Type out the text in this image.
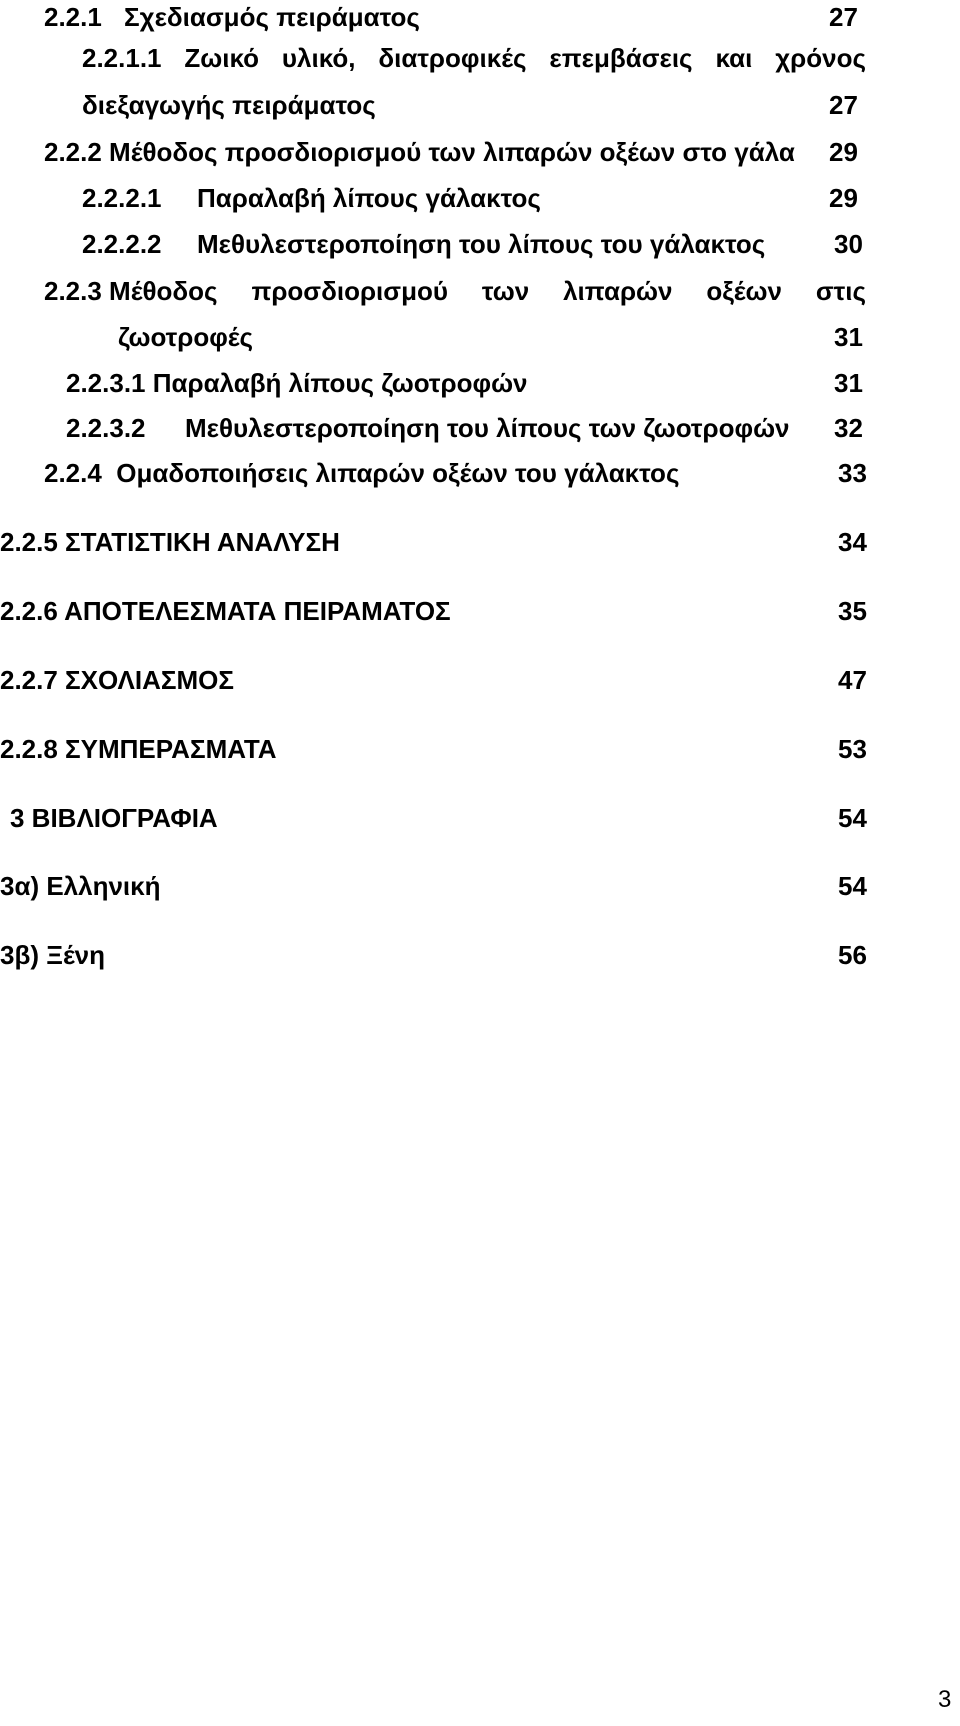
2.2.1 Σχεδιασμός πειράματος	27
2.2.1.1 Ζωικό υλικό, διατροφικές επεμβάσεις και χρόνος
διεξαγωγής πειράματος	27
2.2.2 Μέθοδος προσδιορισμού των λιπαρών οξέων στο γάλα 29
2.2.2.1 Παραλαβή λίπους γάλακτος	29
2.2.2.2 Μεθυλεστεροποίηση του λίπους του γάλακτος	30
2.2.3 Μέθοδος προσδιορισμού των λιπαρών οξέων στις
ζωοτροφές	31
2.2.3.1 Παραλαβή λίπους ζωοτροφών	31
2.2.3.2 Μεθυλεστεροποίηση του λίπους των ζωοτροφών 32
2.2.4  Ομαδοποιήσεις λιπαρών οξέων του γάλακτος	33
2.2.5 ΣΤΑΤΙΣΤΙΚΗ ΑΝΑΛΥΣΗ	34
2.2.6 ΑΠΟΤΕΛΕΣΜΑΤΑ ΠΕΙΡΑΜΑΤΟΣ	35
2.2.7 ΣΧΟΛΙΑΣΜΟΣ	47
2.2.8 ΣΥΜΠΕΡΑΣΜΑΤΑ	53
3 ΒΙΒΛΙΟΓΡΑΦΙΑ	54
3α) Ελληνική	54
3β) Ξένη	56
3
